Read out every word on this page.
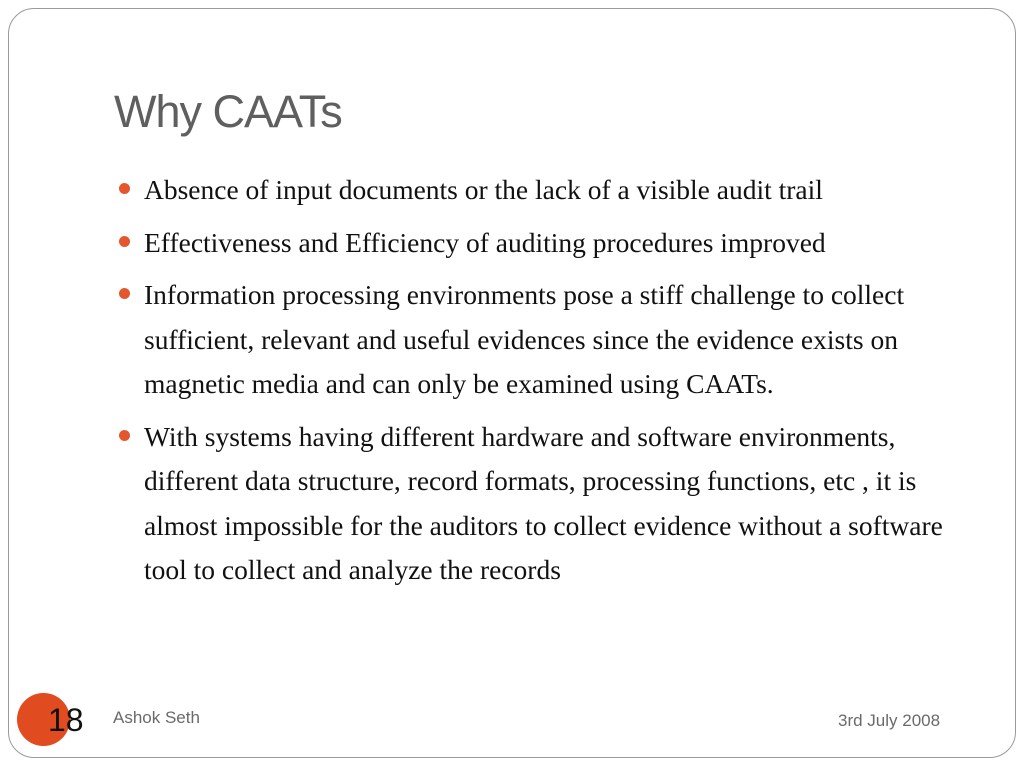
Why CAATs
Absence of input documents or the lack of a visible audit trail
Effectiveness and Efficiency of auditing procedures improved
Information processing environments pose a stiff challenge to collect sufficient, relevant and useful evidences since the evidence exists on magnetic media and can only be examined using CAATs.
With systems having different hardware and software environments, different data structure, record formats, processing functions, etc , it is almost impossible for the auditors to collect evidence without a software tool to collect and analyze the records
18 Ashok Seth	3rd July 2008
